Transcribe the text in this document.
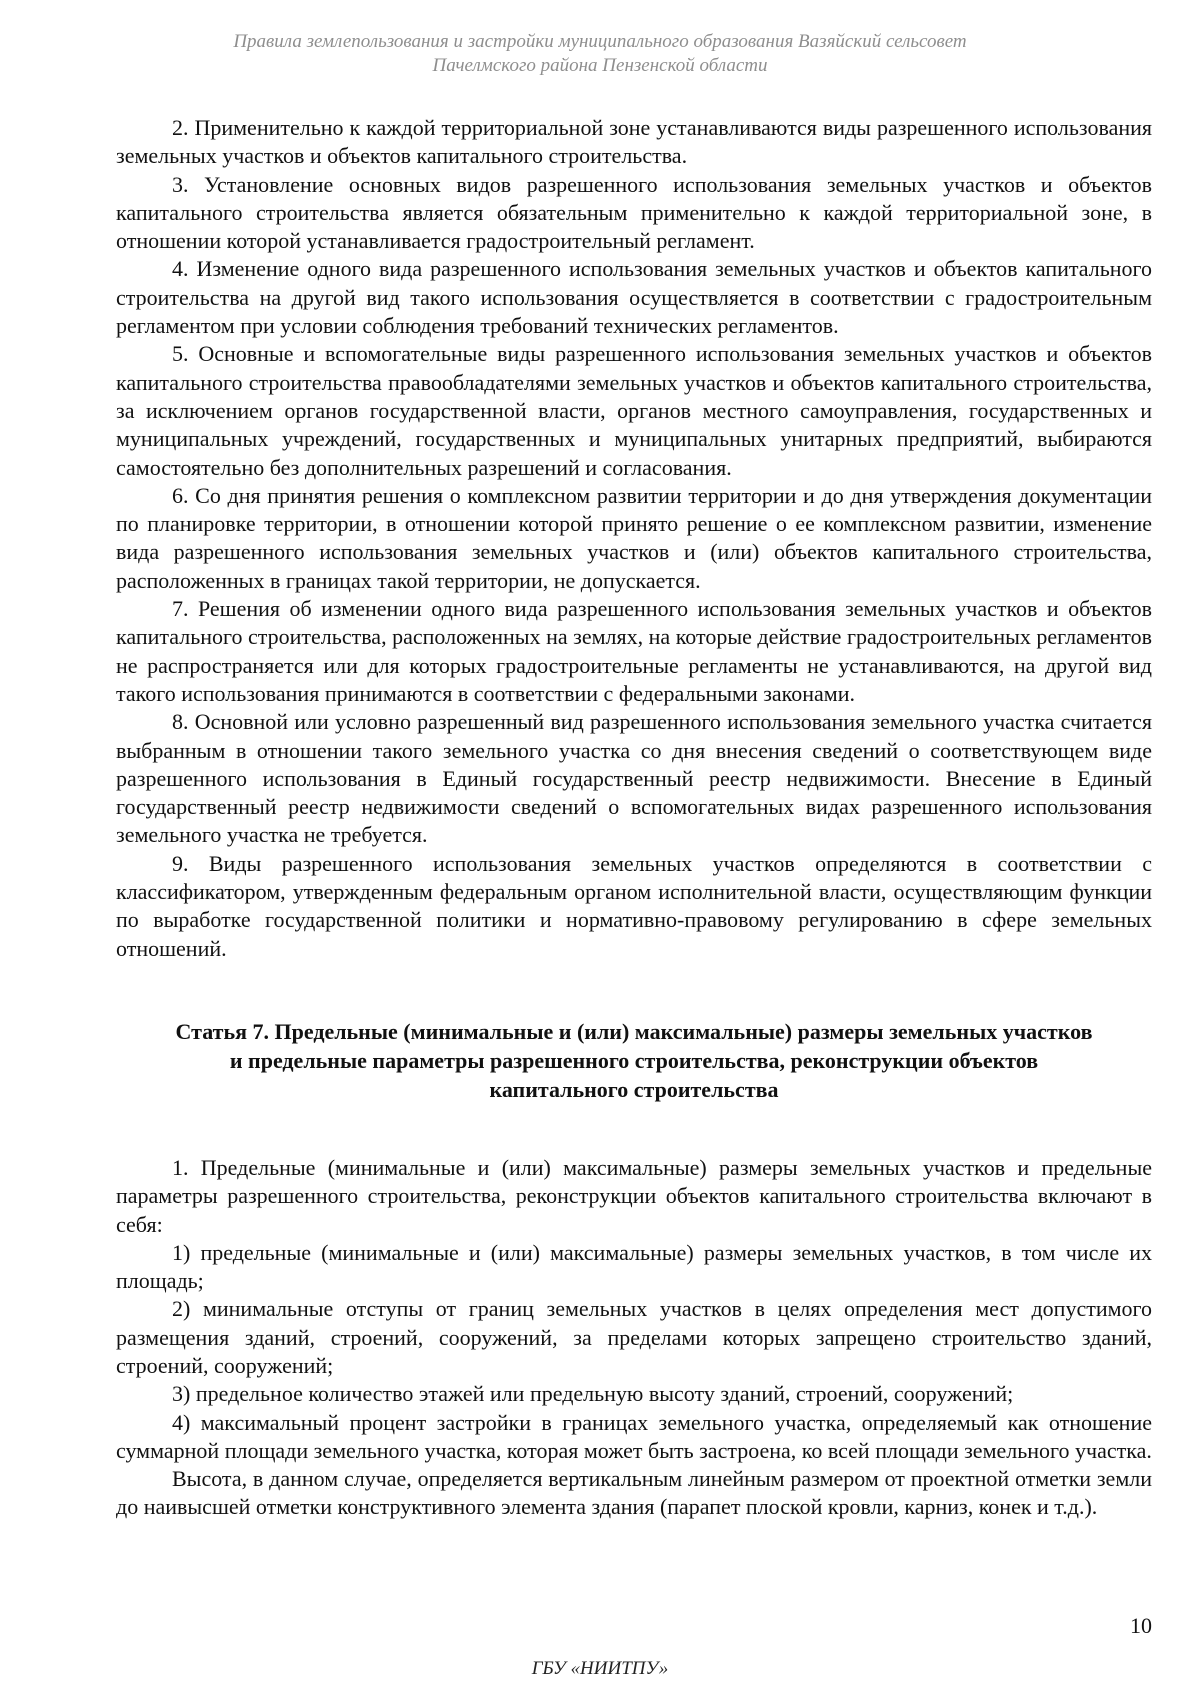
Правила землепользования и застройки муниципального образования Вазяйский сельсовет
Пачелмского района Пензенской области

2. Применительно к каждой территориальной зоне устанавливаются виды разрешенного использования земельных участков и объектов капитального строительства.

3. Установление основных видов разрешенного использования земельных участков и объектов капитального строительства является обязательным применительно к каждой территориальной зоне, в отношении которой устанавливается градостроительный регламент.

4. Изменение одного вида разрешенного использования земельных участков и объектов капитального строительства на другой вид такого использования осуществляется в соответствии с градостроительным регламентом при условии соблюдения требований технических регламентов.

5. Основные и вспомогательные виды разрешенного использования земельных участков и объектов капитального строительства правообладателями земельных участков и объектов капитального строительства, за исключением органов государственной власти, органов местного самоуправления, государственных и муниципальных учреждений, государственных и муниципальных унитарных предприятий, выбираются самостоятельно без дополнительных разрешений и согласования.

6. Со дня принятия решения о комплексном развитии территории и до дня утверждения документации по планировке территории, в отношении которой принято решение о ее комплексном развитии, изменение вида разрешенного использования земельных участков и (или) объектов капитального строительства, расположенных в границах такой территории, не допускается.

7. Решения об изменении одного вида разрешенного использования земельных участков и объектов капитального строительства, расположенных на землях, на которые действие градостроительных регламентов не распространяется или для которых градостроительные регламенты не устанавливаются, на другой вид такого использования принимаются в соответствии с федеральными законами.

8. Основной или условно разрешенный вид разрешенного использования земельного участка считается выбранным в отношении такого земельного участка со дня внесения сведений о соответствующем виде разрешенного использования в Единый государственный реестр недвижимости. Внесение в Единый государственный реестр недвижимости сведений о вспомогательных видах разрешенного использования земельного участка не требуется.

9. Виды разрешенного использования земельных участков определяются в соответствии с классификатором, утвержденным федеральным органом исполнительной власти, осуществляющим функции по выработке государственной политики и нормативно-правовому регулированию в сфере земельных отношений.

Статья 7. Предельные (минимальные и (или) максимальные) размеры земельных участков
и предельные параметры разрешенного строительства, реконструкции объектов
капитального строительства

1. Предельные (минимальные и (или) максимальные) размеры земельных участков и предельные параметры разрешенного строительства, реконструкции объектов капитального строительства включают в себя:

1) предельные (минимальные и (или) максимальные) размеры земельных участков, в том числе их площадь;

2) минимальные отступы от границ земельных участков в целях определения мест допустимого размещения зданий, строений, сооружений, за пределами которых запрещено строительство зданий, строений, сооружений;

3) предельное количество этажей или предельную высоту зданий, строений, сооружений;

4) максимальный процент застройки в границах земельного участка, определяемый как отношение суммарной площади земельного участка, которая может быть застроена, ко всей площади земельного участка.

Высота, в данном случае, определяется вертикальным линейным размером от проектной отметки земли до наивысшей отметки конструктивного элемента здания (парапет плоской кровли, карниз, конек и т.д.).

10
ГБУ «НИИТПУ»
